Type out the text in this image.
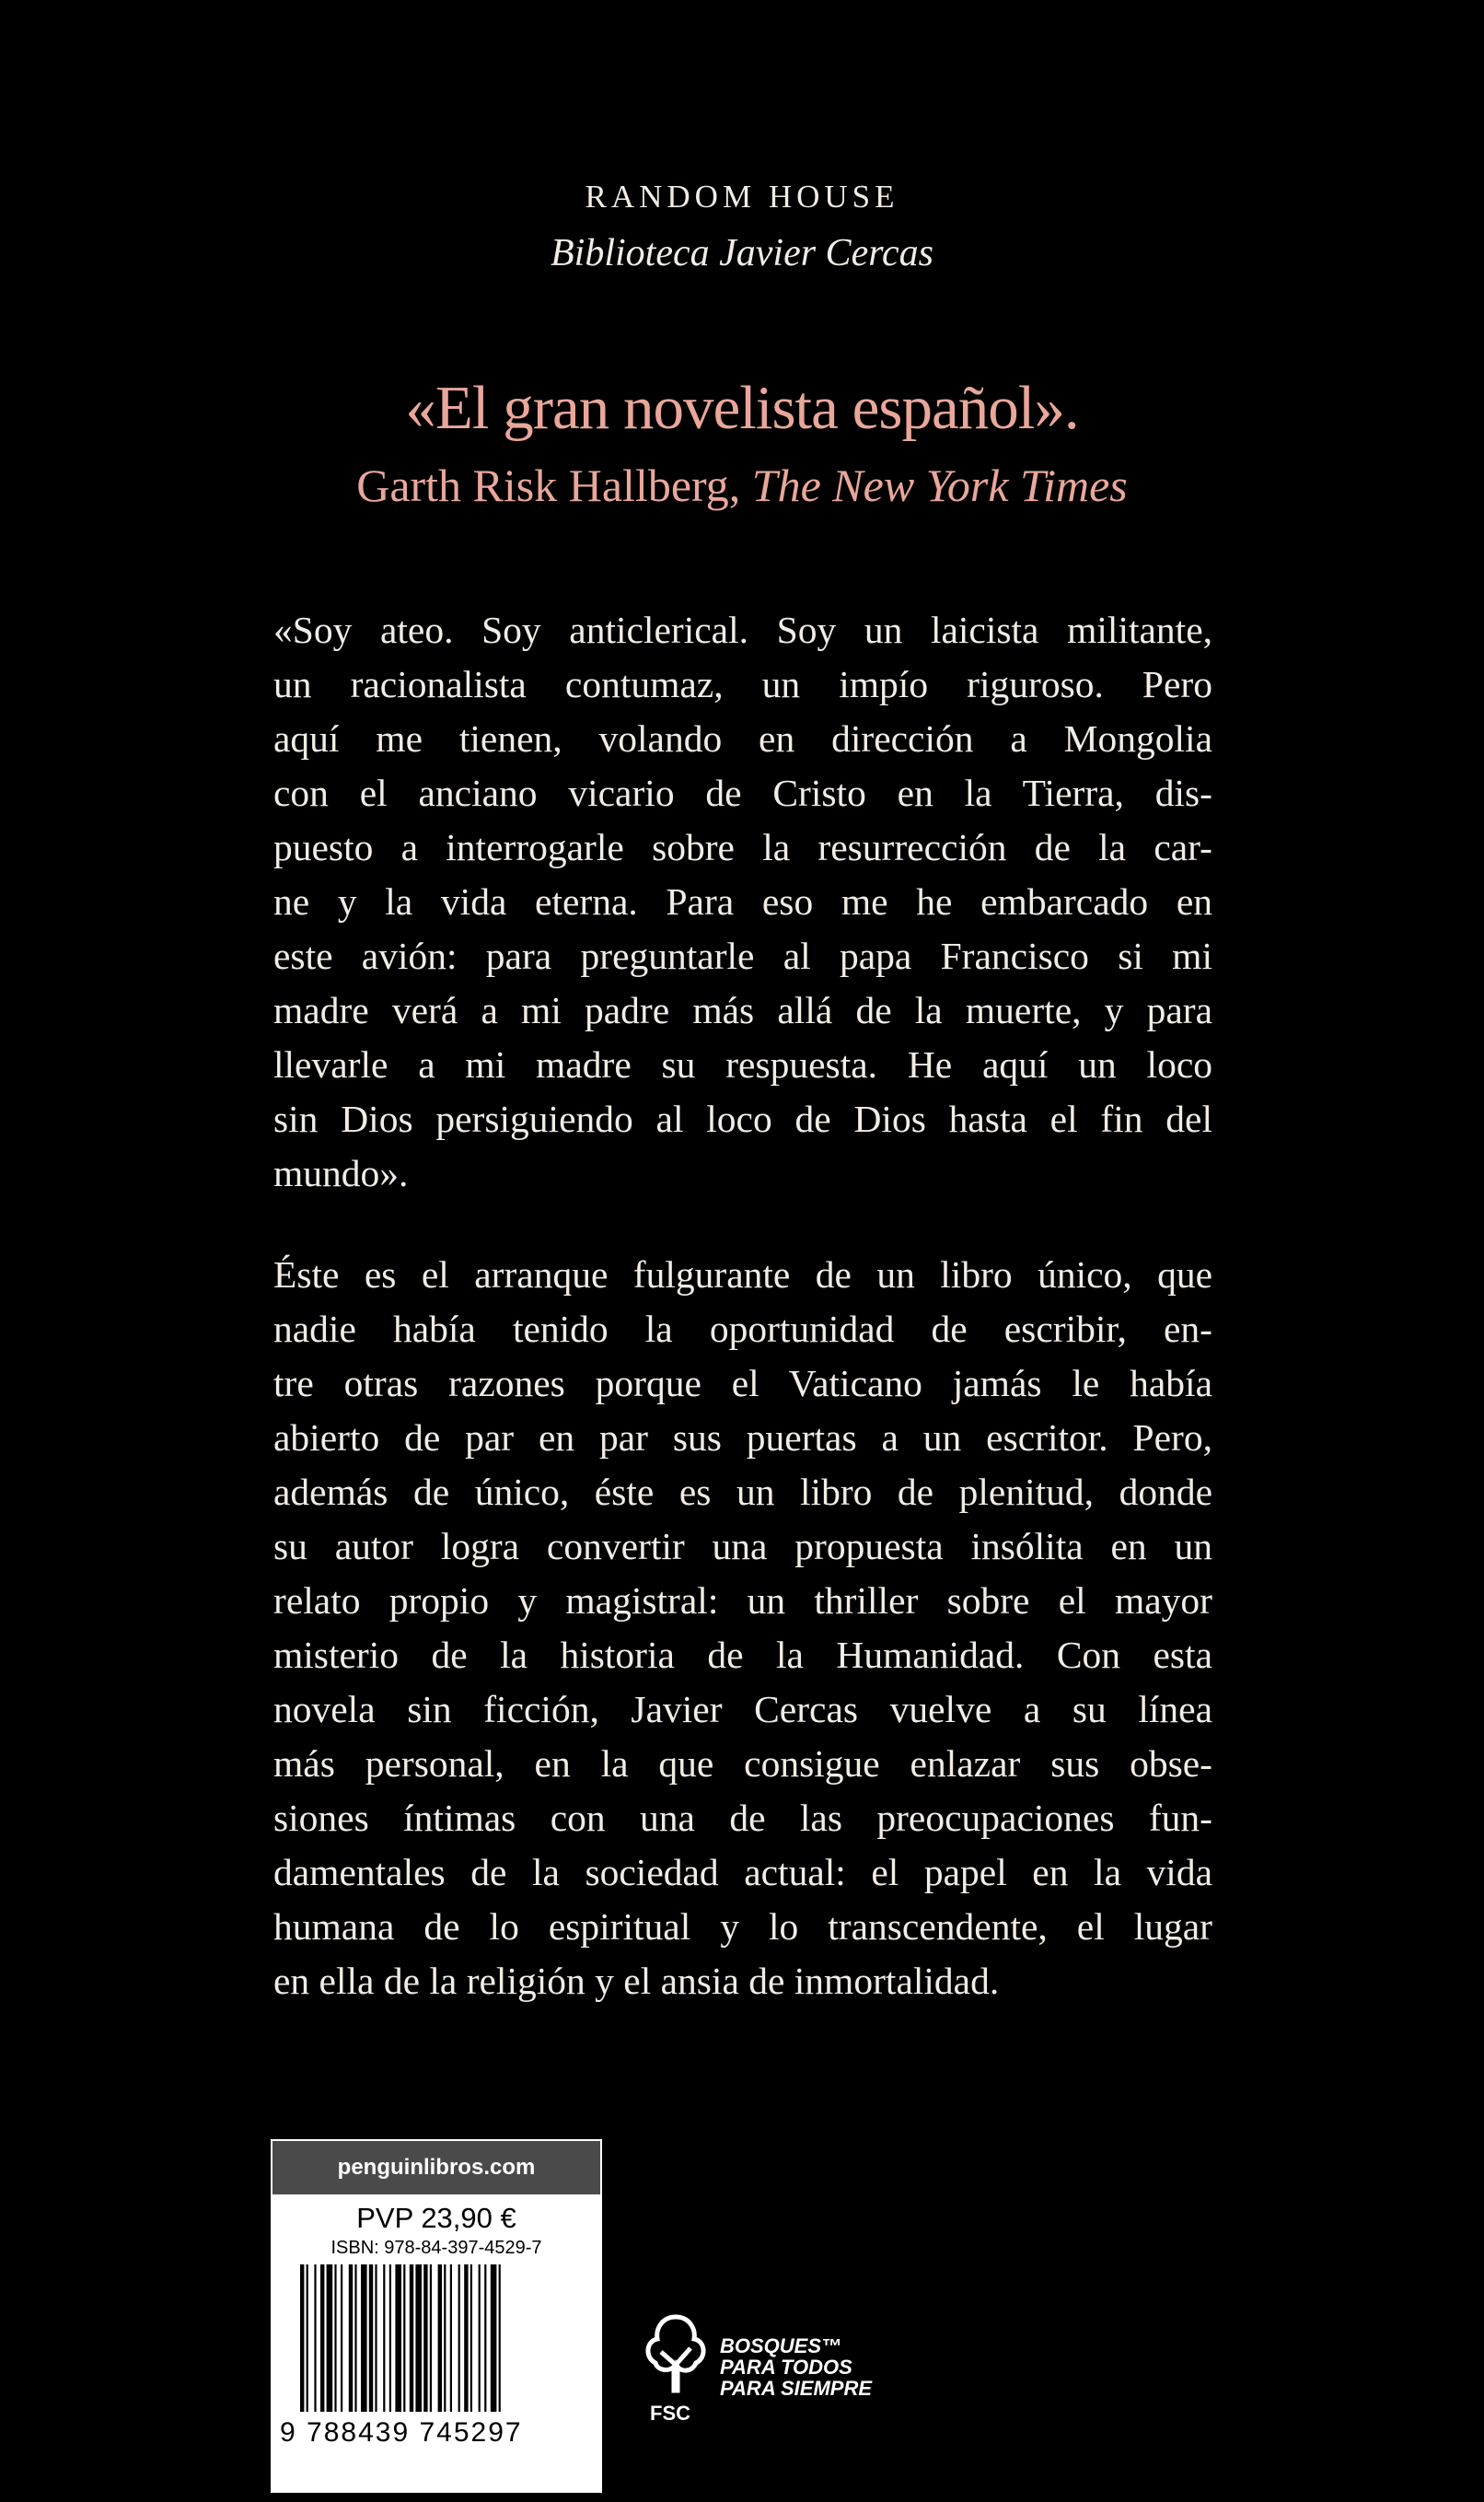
RANDOM HOUSE
Biblioteca Javier Cercas
«El gran novelista español».
Garth Risk Hallberg, The New York Times
«Soy ateo. Soy anticlerical. Soy un laicista militante,
un racionalista contumaz, un impío riguroso. Pero
aquí me tienen, volando en dirección a Mongolia
con el anciano vicario de Cristo en la Tierra, dis-
puesto a interrogarle sobre la resurrección de la car-
ne y la vida eterna. Para eso me he embarcado en
este avión: para preguntarle al papa Francisco si mi
madre verá a mi padre más allá de la muerte, y para
llevarle a mi madre su respuesta. He aquí un loco
sin Dios persiguiendo al loco de Dios hasta el fin del
mundo».
Éste es el arranque fulgurante de un libro único, que
nadie había tenido la oportunidad de escribir, en-
tre otras razones porque el Vaticano jamás le había
abierto de par en par sus puertas a un escritor. Pero,
además de único, éste es un libro de plenitud, donde
su autor logra convertir una propuesta insólita en un
relato propio y magistral: un thriller sobre el mayor
misterio de la historia de la Humanidad. Con esta
novela sin ficción, Javier Cercas vuelve a su línea
más personal, en la que consigue enlazar sus obse-
siones íntimas con una de las preocupaciones fun-
damentales de la sociedad actual: el papel en la vida
humana de lo espiritual y lo transcendente, el lugar
en ella de la religión y el ansia de inmortalidad.
penguinlibros.com
PVP 23,90 €
ISBN: 978-84-397-4529-7
9 788439 745297
FSC
BOSQUES™
PARA TODOS
PARA SIEMPRE
